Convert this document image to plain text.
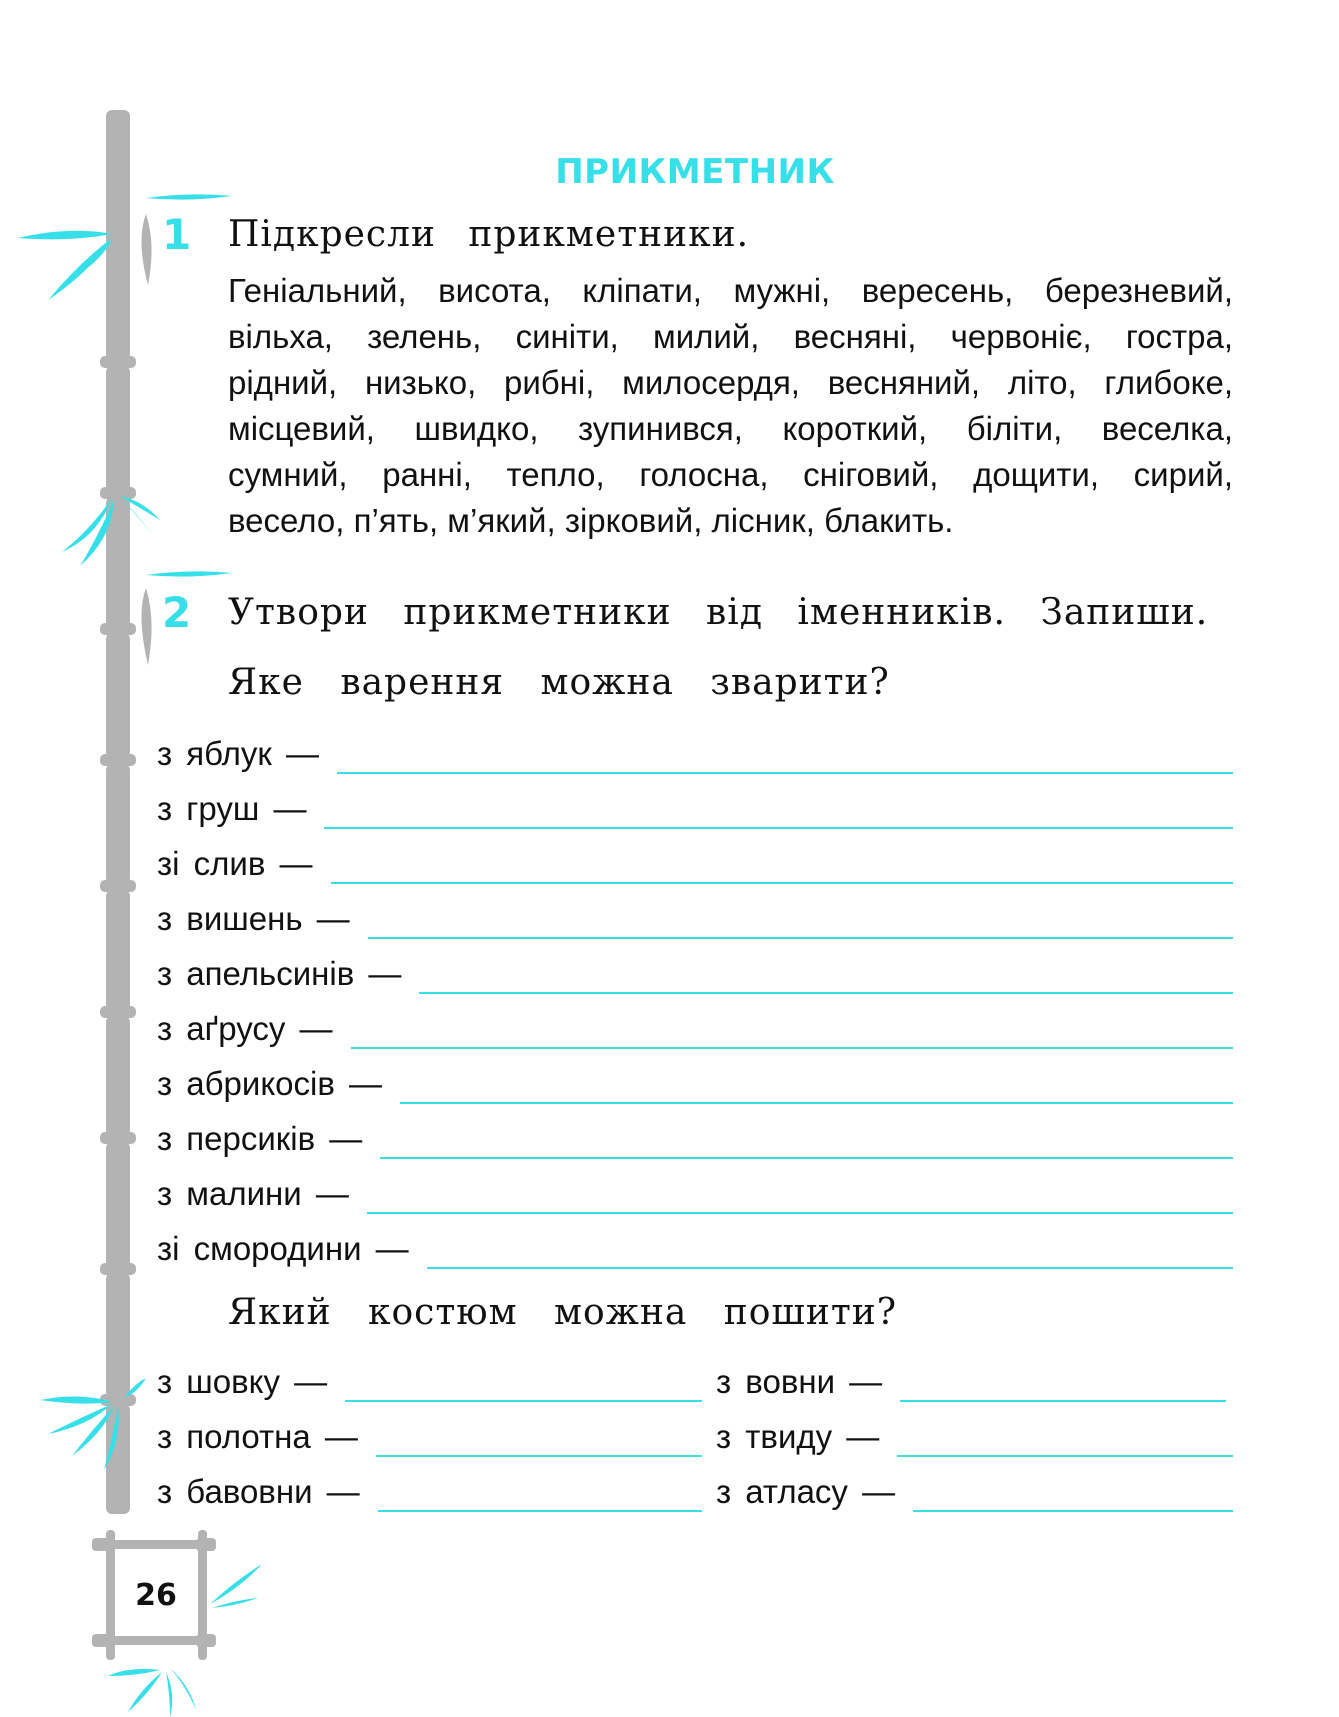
ПРИКМЕТНИК
1 Підкресли прикметники.
Геніальний, висота, кліпати, мужні, вересень, березневий,
вільха, зелень, синіти, милий, весняні, червоніє, гостра,
рідний, низько, рибні, милосердя, весняний, літо, глибоке,
місцевий, швидко, зупинився, короткий, біліти, веселка,
сумний, ранні, тепло, голосна, сніговий, дощити, сирий,
весело, п’ять, м’який, зірковий, лісник, блакить.
2 Утвори прикметники від іменників. Запиши.
Яке варення можна зварити?
з яблук —
з груш —
зі слив —
з вишень —
з апельсинів —
з аґрусу —
з абрикосів —
з персиків —
з малини —
зі смородини —
Який костюм можна пошити?
з шовку —	з вовни —
з полотна —	з твиду —
з бавовни —	з атласу —
26
